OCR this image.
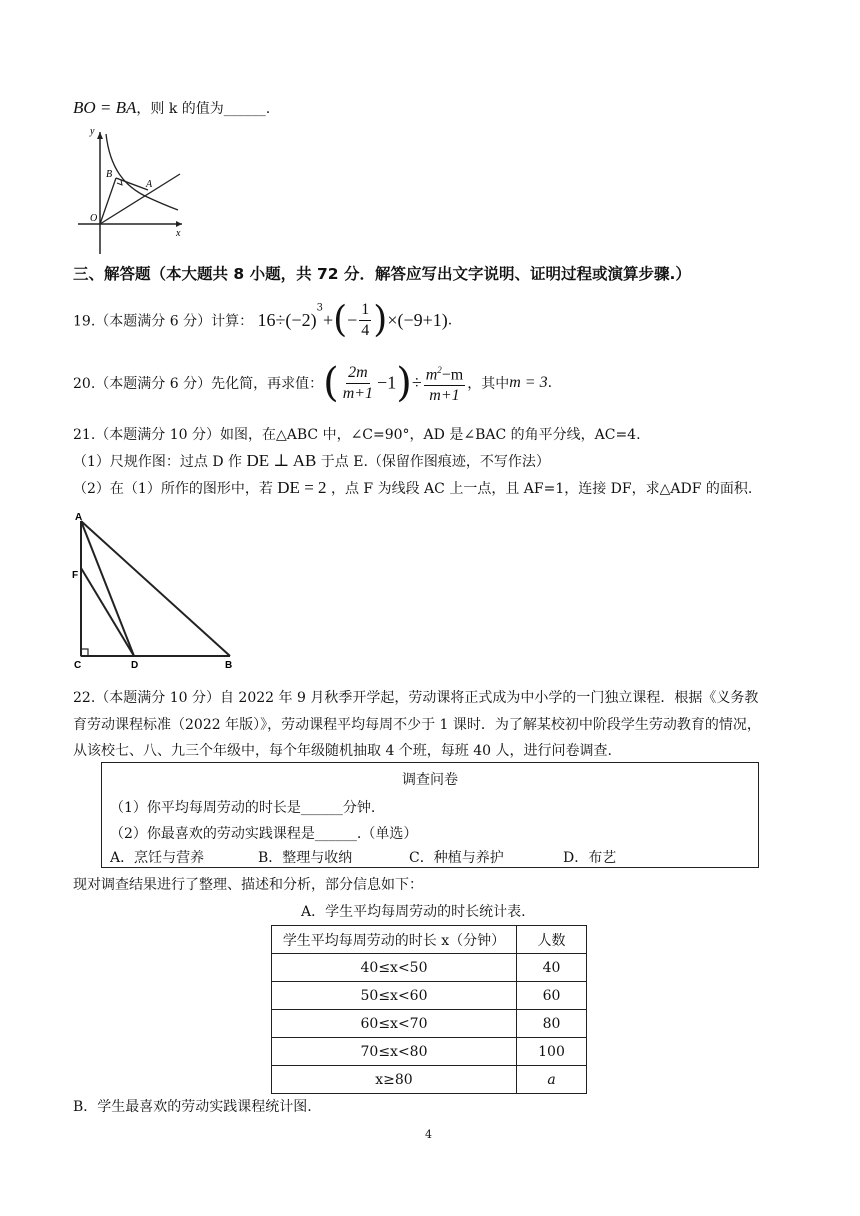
BO = BA，则 k 的值为______.
y
x
O
B
A
三、解答题（本大题共 8 小题，共 72 分．解答应写出文字说明、证明过程或演算步骤.）
19.（本题满分 6 分）计算： $16\div(-2)^3+(- \frac{1}{4} )\times(-9+1)$.
20.（本题满分 6 分）先化简，再求值：( $\frac{2m}{m+1} -1)\div \frac{m^2-m}{m+1}$ ，其中m = 3.
21.（本题满分 10 分）如图，在△ABC 中，∠C=90°，AD 是∠BAC 的角平分线，AC=4.
（1）尺规作图：过点 D 作 DE ⊥ AB 于点 E.（保留作图痕迹，不写作法）
（2）在（1）所作的图形中，若 DE = 2 ，点 F 为线段 AC 上一点，且 AF=1，连接 DF，求△ADF 的面积.
A
F
C	D	B
22.（本题满分 10 分）自 2022 年 9 月秋季开学起，劳动课将正式成为中小学的一门独立课程．根据《义务教
育劳动课程标准（2022 年版）》，劳动课程平均每周不少于 1 课时．为了解某校初中阶段学生劳动教育的情况，
从该校七、八、九三个年级中，每个年级随机抽取 4 个班，每班 40 人，进行问卷调查.
调查问卷
（1）你平均每周劳动的时长是______分钟.
（2）你最喜欢的劳动实践课程是______.（单选）
A．烹饪与营养	B．整理与收纳	C．种植与养护	D．布艺
现对调查结果进行了整理、描述和分析，部分信息如下：
A．学生平均每周劳动的时长统计表.
学生平均每周劳动的时长 x（分钟）	人数
40≤x<50	40
50≤x<60	60
60≤x<70	80
70≤x<80	100
x≥80	a
B．学生最喜欢的劳动实践课程统计图.
4
